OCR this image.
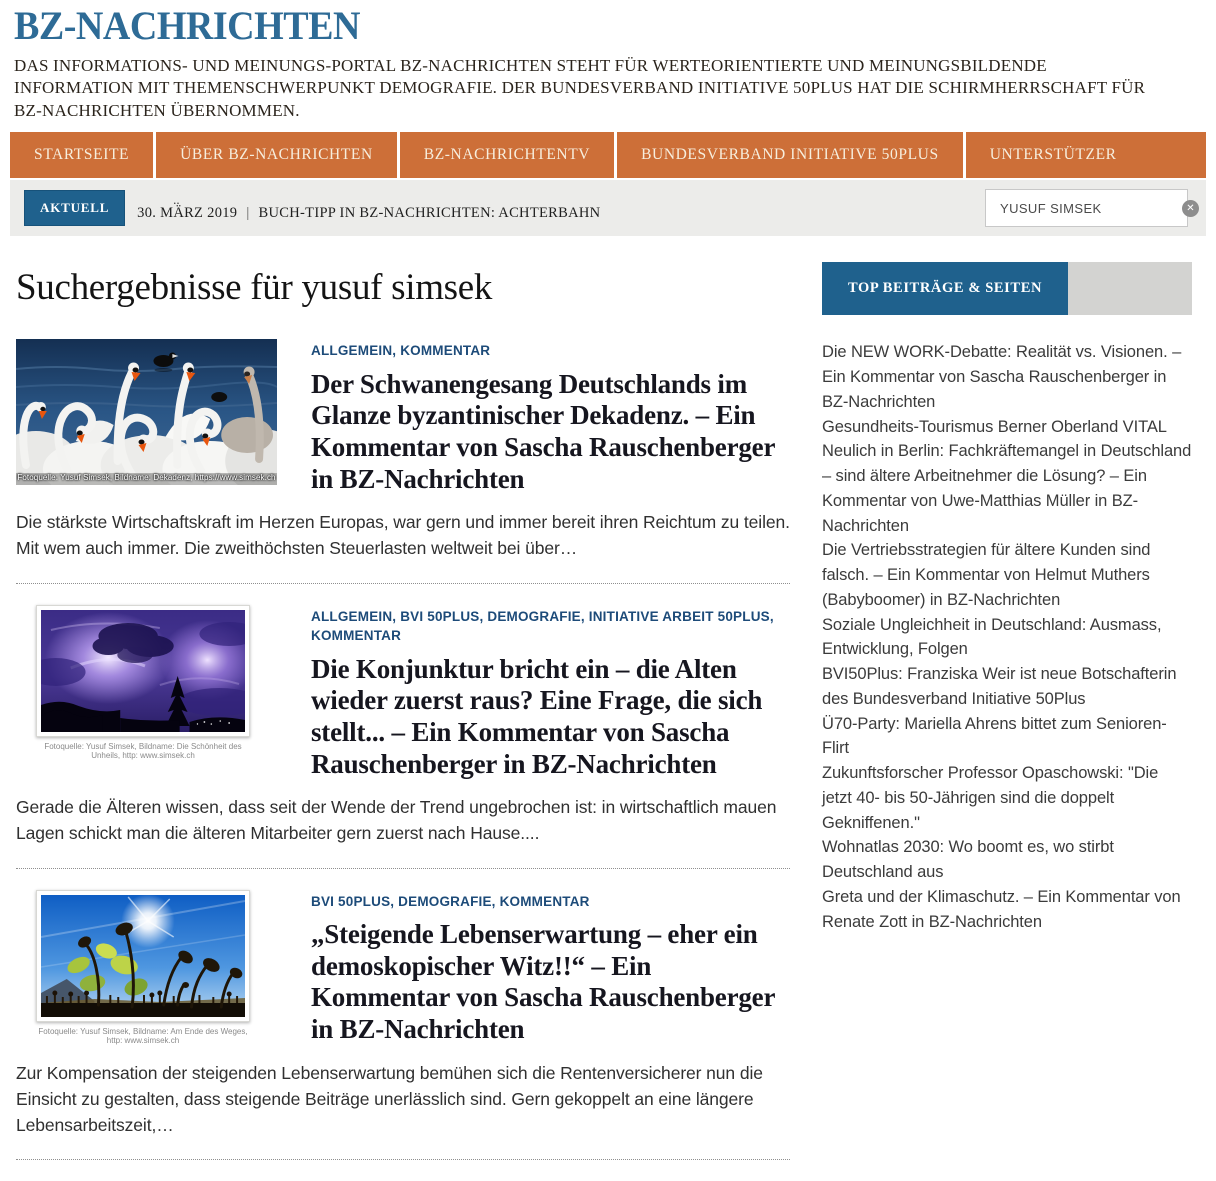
BZ-NACHRICHTEN
DAS INFORMATIONS- UND MEINUNGS-PORTAL BZ-NACHRICHTEN STEHT FÜR WERTEORIENTIERTE UND MEINUNGSBILDENDE INFORMATION MIT THEMENSCHWERPUNKT DEMOGRAFIE. DER BUNDESVERBAND INITIATIVE 50PLUS HAT DIE SCHIRMHERRSCHAFT FÜR BZ-NACHRICHTEN ÜBERNOMMEN.
STARTSEITE	ÜBER BZ-NACHRICHTEN	BZ-NACHRICHTENTV	BUNDESVERBAND INITIATIVE 50PLUS	UNTERSTÜTZER
AKTUELL
..
30. MÄRZ 2019 | BUCH-TIPP IN BZ-NACHRICHTEN: ACHTERBAHN
YUSUF SIMSEK	✕
Suchergebnisse für yusuf simsek
Fotoquelle: Yusuf Simsek, Bildname: Dekadenz, https://www.simsek.ch
ALLGEMEIN, KOMMENTAR
Der Schwanengesang Deutschlands im Glanze byzantinischer Dekadenz. – Ein Kommentar von Sascha Rauschenberger in BZ-Nachrichten

Die stärkste Wirtschaftskraft im Herzen Europas, war gern und immer bereit ihren Reichtum zu teilen. Mit wem auch immer. Die zweithöchsten Steuerlasten weltweit bei über…

Fotoquelle: Yusuf Simsek, Bildname: Die Schönheit des Unheils, http: www.simsek.ch
ALLGEMEIN, BVI 50PLUS, DEMOGRAFIE, INITIATIVE ARBEIT 50PLUS, KOMMENTAR
Die Konjunktur bricht ein – die Alten wieder zuerst raus? Eine Frage, die sich stellt... – Ein Kommentar von Sascha Rauschenberger in BZ-Nachrichten

Gerade die Älteren wissen, dass seit der Wende der Trend ungebrochen ist: in wirtschaftlich mauen Lagen schickt man die älteren Mitarbeiter gern zuerst nach Hause....

Fotoquelle: Yusuf Simsek, Bildname: Am Ende des Weges, http: www.simsek.ch
BVI 50PLUS, DEMOGRAFIE, KOMMENTAR
„Steigende Lebenserwartung – eher ein demoskopischer Witz!!“ – Ein Kommentar von Sascha Rauschenberger in BZ-Nachrichten

Zur Kompensation der steigenden Lebenserwartung bemühen sich die Rentenversicherer nun die Einsicht zu gestalten, dass steigende Beiträge unerlässlich sind. Gern gekoppelt an eine längere Lebensarbeitszeit,…

TOP BEITRÄGE & SEITEN
Die NEW WORK-Debatte: Realität vs. Visionen. – Ein Kommentar von Sascha Rauschenberger in BZ-Nachrichten
Gesundheits-Tourismus Berner Oberland VITAL
Neulich in Berlin: Fachkräftemangel in Deutschland – sind ältere Arbeitnehmer die Lösung? – Ein Kommentar von Uwe-Matthias Müller in BZ-Nachrichten
Die Vertriebsstrategien für ältere Kunden sind falsch. – Ein Kommentar von Helmut Muthers (Babyboomer) in BZ-Nachrichten
Soziale Ungleichheit in Deutschland: Ausmass, Entwicklung, Folgen
BVI50Plus: Franziska Weir ist neue Botschafterin des Bundesverband Initiative 50Plus
Ü70-Party: Mariella Ahrens bittet zum Senioren-Flirt
Zukunftsforscher Professor Opaschowski: "Die jetzt 40- bis 50-Jährigen sind die doppelt Gekniffenen."
Wohnatlas 2030: Wo boomt es, wo stirbt Deutschland aus
Greta und der Klimaschutz. – Ein Kommentar von Renate Zott in BZ-Nachrichten
